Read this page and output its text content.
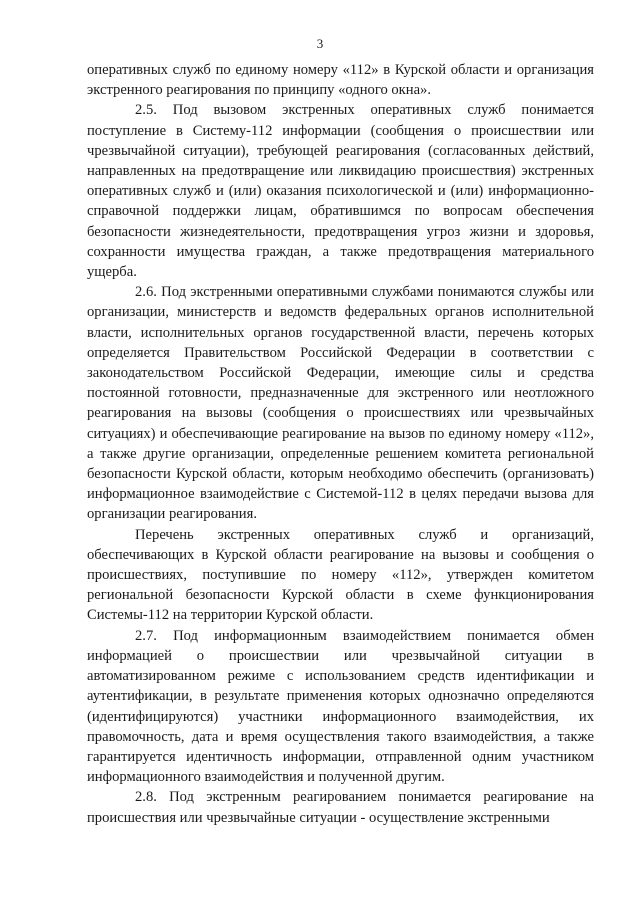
3

оперативных служб по единому номеру «112» в Курской области и организация экстренного реагирования по принципу «одного окна».

2.5. Под вызовом экстренных оперативных служб понимается поступление в Систему-112 информации (сообщения о происшествии или чрезвычайной ситуации), требующей реагирования (согласованных действий, направленных на предотвращение или ликвидацию происшествия) экстренных оперативных служб и (или) оказания психологической и (или) информационно-справочной поддержки лицам, обратившимся по вопросам обеспечения безопасности жизнедеятельности, предотвращения угроз жизни и здоровья, сохранности имущества граждан, а также предотвращения материального ущерба.

2.6. Под экстренными оперативными службами понимаются службы или организации, министерств и ведомств федеральных органов исполнительной власти, исполнительных органов государственной власти, перечень которых определяется Правительством Российской Федерации в соответствии с законодательством Российской Федерации, имеющие силы и средства постоянной готовности, предназначенные для экстренного или неотложного реагирования на вызовы (сообщения о происшествиях или чрезвычайных ситуациях) и обеспечивающие реагирование на вызов по единому номеру «112», а также другие организации, определенные решением комитета региональной безопасности Курской области, которым необходимо обеспечить (организовать) информационное взаимодействие с Системой-112 в целях передачи вызова для организации реагирования.

Перечень экстренных оперативных служб и организаций, обеспечивающих в Курской области реагирование на вызовы и сообщения о происшествиях, поступившие по номеру «112», утвержден комитетом региональной безопасности Курской области в схеме функционирования Системы-112 на территории Курской области.

2.7. Под информационным взаимодействием понимается обмен информацией о происшествии или чрезвычайной ситуации в автоматизированном режиме с использованием средств идентификации и аутентификации, в результате применения которых однозначно определяются (идентифицируются) участники информационного взаимодействия, их правомочность, дата и время осуществления такого взаимодействия, а также гарантируется идентичность информации, отправленной одним участником информационного взаимодействия и полученной другим.

2.8. Под экстренным реагированием понимается реагирование на происшествия или чрезвычайные ситуации - осуществление экстренными
